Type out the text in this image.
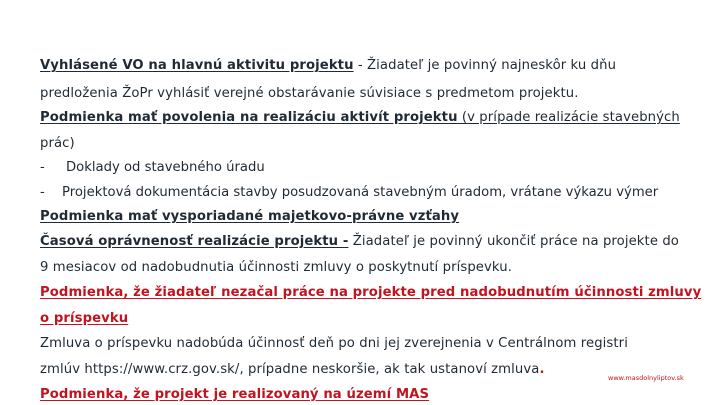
Vyhlásené VO na hlavnú aktivitu projektu - Žiadateľ je povinný najneskôr ku dňu
predloženia ŽoPr vyhlásiť verejné obstarávanie súvisiace s predmetom projektu.
Podmienka mať povolenia na realizáciu aktivít projektu (v prípade realizácie stavebných
prác)
- Doklady od stavebného úradu
- Projektová dokumentácia stavby posudzovaná stavebným úradom, vrátane výkazu výmer
Podmienka mať vysporiadané majetkovo-právne vzťahy
Časová oprávnenosť realizácie projektu - Žiadateľ je povinný ukončiť práce na projekte do
9 mesiacov od nadobudnutia účinnosti zmluvy o poskytnutí príspevku.
Podmienka, že žiadateľ nezačal práce na projekte pred nadobudnutím účinnosti zmluvy
o príspevku
Zmluva o príspevku nadobúda účinnosť deň po dni jej zverejnenia v Centrálnom registri
zmlúv https://www.crz.gov.sk/, prípadne neskoršie, ak tak ustanoví zmluva.
Podmienka, že projekt je realizovaný na území MAS
www.masdolnyliptov.sk
